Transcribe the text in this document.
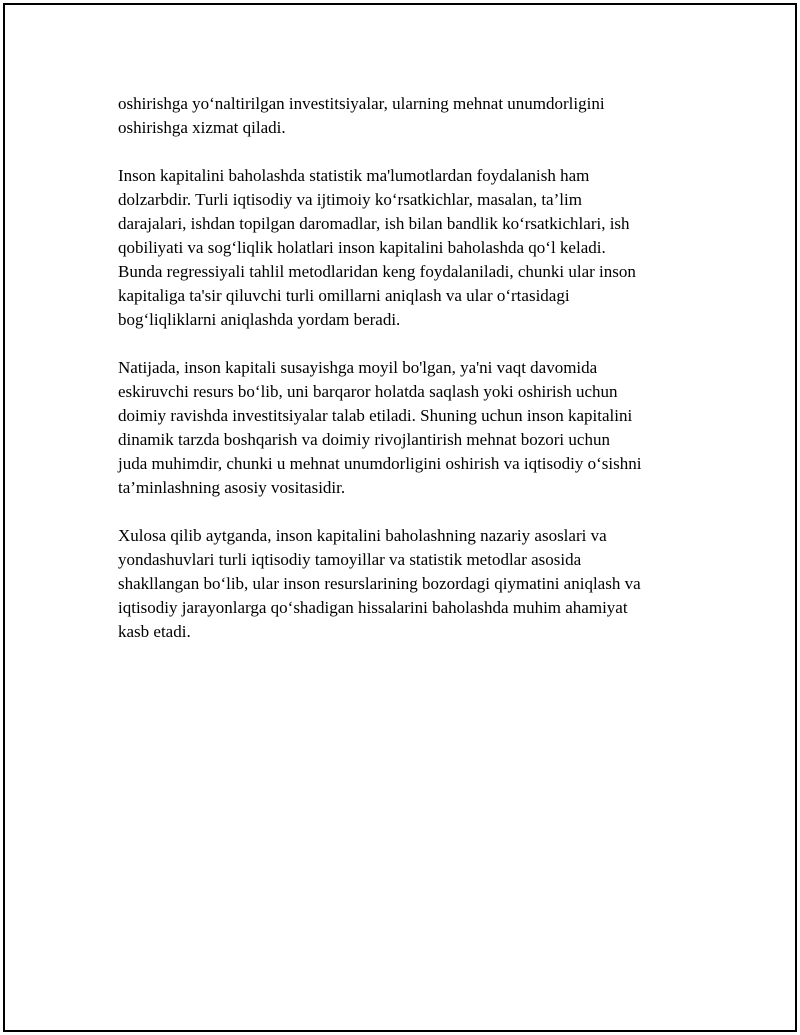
oshirishga yo‘naltirilgan investitsiyalar, ularning mehnat unumdorligini
oshirishga xizmat qiladi.

Inson kapitalini baholashda statistik ma'lumotlardan foydalanish ham
dolzarbdir. Turli iqtisodiy va ijtimoiy ko‘rsatkichlar, masalan, ta’lim
darajalari, ishdan topilgan daromadlar, ish bilan bandlik ko‘rsatkichlari, ish
qobiliyati va sog‘liqlik holatlari inson kapitalini baholashda qo‘l keladi.
Bunda regressiyali tahlil metodlaridan keng foydalaniladi, chunki ular inson
kapitaliga ta'sir qiluvchi turli omillarni aniqlash va ular o‘rtasidagi
bog‘liqliklarni aniqlashda yordam beradi.

Natijada, inson kapitali susayishga moyil bo'lgan, ya'ni vaqt davomida
eskiruvchi resurs bo‘lib, uni barqaror holatda saqlash yoki oshirish uchun
doimiy ravishda investitsiyalar talab etiladi. Shuning uchun inson kapitalini
dinamik tarzda boshqarish va doimiy rivojlantirish mehnat bozori uchun
juda muhimdir, chunki u mehnat unumdorligini oshirish va iqtisodiy o‘sishni
ta’minlashning asosiy vositasidir.

Xulosa qilib aytganda, inson kapitalini baholashning nazariy asoslari va
yondashuvlari turli iqtisodiy tamoyillar va statistik metodlar asosida
shakllangan bo‘lib, ular inson resurslarining bozordagi qiymatini aniqlash va
iqtisodiy jarayonlarga qo‘shadigan hissalarini baholashda muhim ahamiyat
kasb etadi.
